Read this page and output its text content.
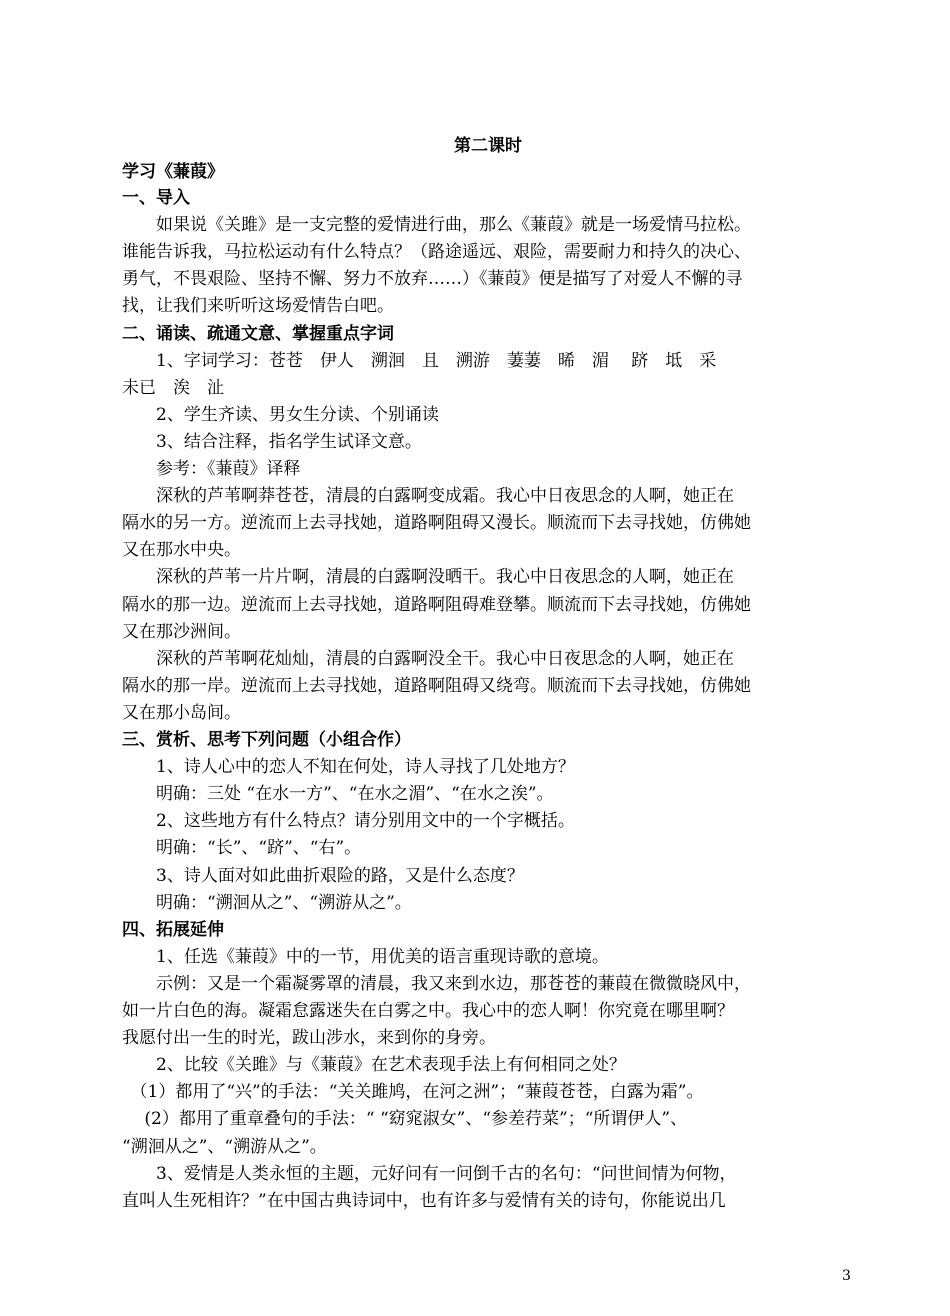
第二课时
学习《蒹葭》
一、导入
　　如果说《关雎》是一支完整的爱情进行曲，那么《蒹葭》就是一场爱情马拉松。
谁能告诉我，马拉松运动有什么特点？（路途遥远、艰险，需要耐力和持久的决心、
勇气，不畏艰险、坚持不懈、努力不放弃……）《蒹葭》便是描写了对爱人不懈的寻
找，让我们来听听这场爱情告白吧。
二、诵读、疏通文意、掌握重点字词
　　1、字词学习：苍苍　伊人　溯洄　且　溯游　萋萋　晞　湄　 跻　坻　采
未已　涘　沚
　　2、学生齐读、男女生分读、个别诵读
　　3、结合注释，指名学生试译文意。
　　参考：《蒹葭》译释
　　深秋的芦苇啊莽苍苍，清晨的白露啊变成霜。我心中日夜思念的人啊，她正在
隔水的另一方。逆流而上去寻找她，道路啊阻碍又漫长。顺流而下去寻找她，仿佛她
又在那水中央。
　　深秋的芦苇一片片啊，清晨的白露啊没晒干。我心中日夜思念的人啊，她正在
隔水的那一边。逆流而上去寻找她，道路啊阻碍难登攀。顺流而下去寻找她，仿佛她
又在那沙洲间。
　　深秋的芦苇啊花灿灿，清晨的白露啊没全干。我心中日夜思念的人啊，她正在
隔水的那一岸。逆流而上去寻找她，道路啊阻碍又绕弯。顺流而下去寻找她，仿佛她
又在那小岛间。
三、赏析、思考下列问题（小组合作）
　　1、诗人心中的恋人不知在何处，诗人寻找了几处地方？
　　明确：三处 “在水一方”、“在水之湄”、“在水之涘”。
　　2、这些地方有什么特点？请分别用文中的一个字概括。
　　明确：“长”、“跻”、“右”。
　　3、诗人面对如此曲折艰险的路，又是什么态度？
　　明确：“溯洄从之”、“溯游从之”。
四、拓展延伸
　　1、任选《蒹葭》中的一节，用优美的语言重现诗歌的意境。
　　示例：又是一个霜凝雾罩的清晨，我又来到水边，那苍苍的蒹葭在微微晓风中，
如一片白色的海。凝霜怠露迷失在白雾之中。我心中的恋人啊！你究竟在哪里啊？
我愿付出一生的时光，跋山涉水，来到你的身旁。
　　2、比较《关雎》与《蒹葭》在艺术表现手法上有何相同之处？
　（1）都用了“兴”的手法：“关关雎鸠，在河之洲”；“蒹葭苍苍，白露为霜”。
　 (2）都用了重章叠句的手法：“ “窈窕淑女”、“参差荇菜”；“所谓伊人”、
“溯洄从之”、“溯游从之”。
　　3、爱情是人类永恒的主题，元好问有一问倒千古的名句：“问世间情为何物，
直叫人生死相许？”在中国古典诗词中，也有许多与爱情有关的诗句，你能说出几
3
